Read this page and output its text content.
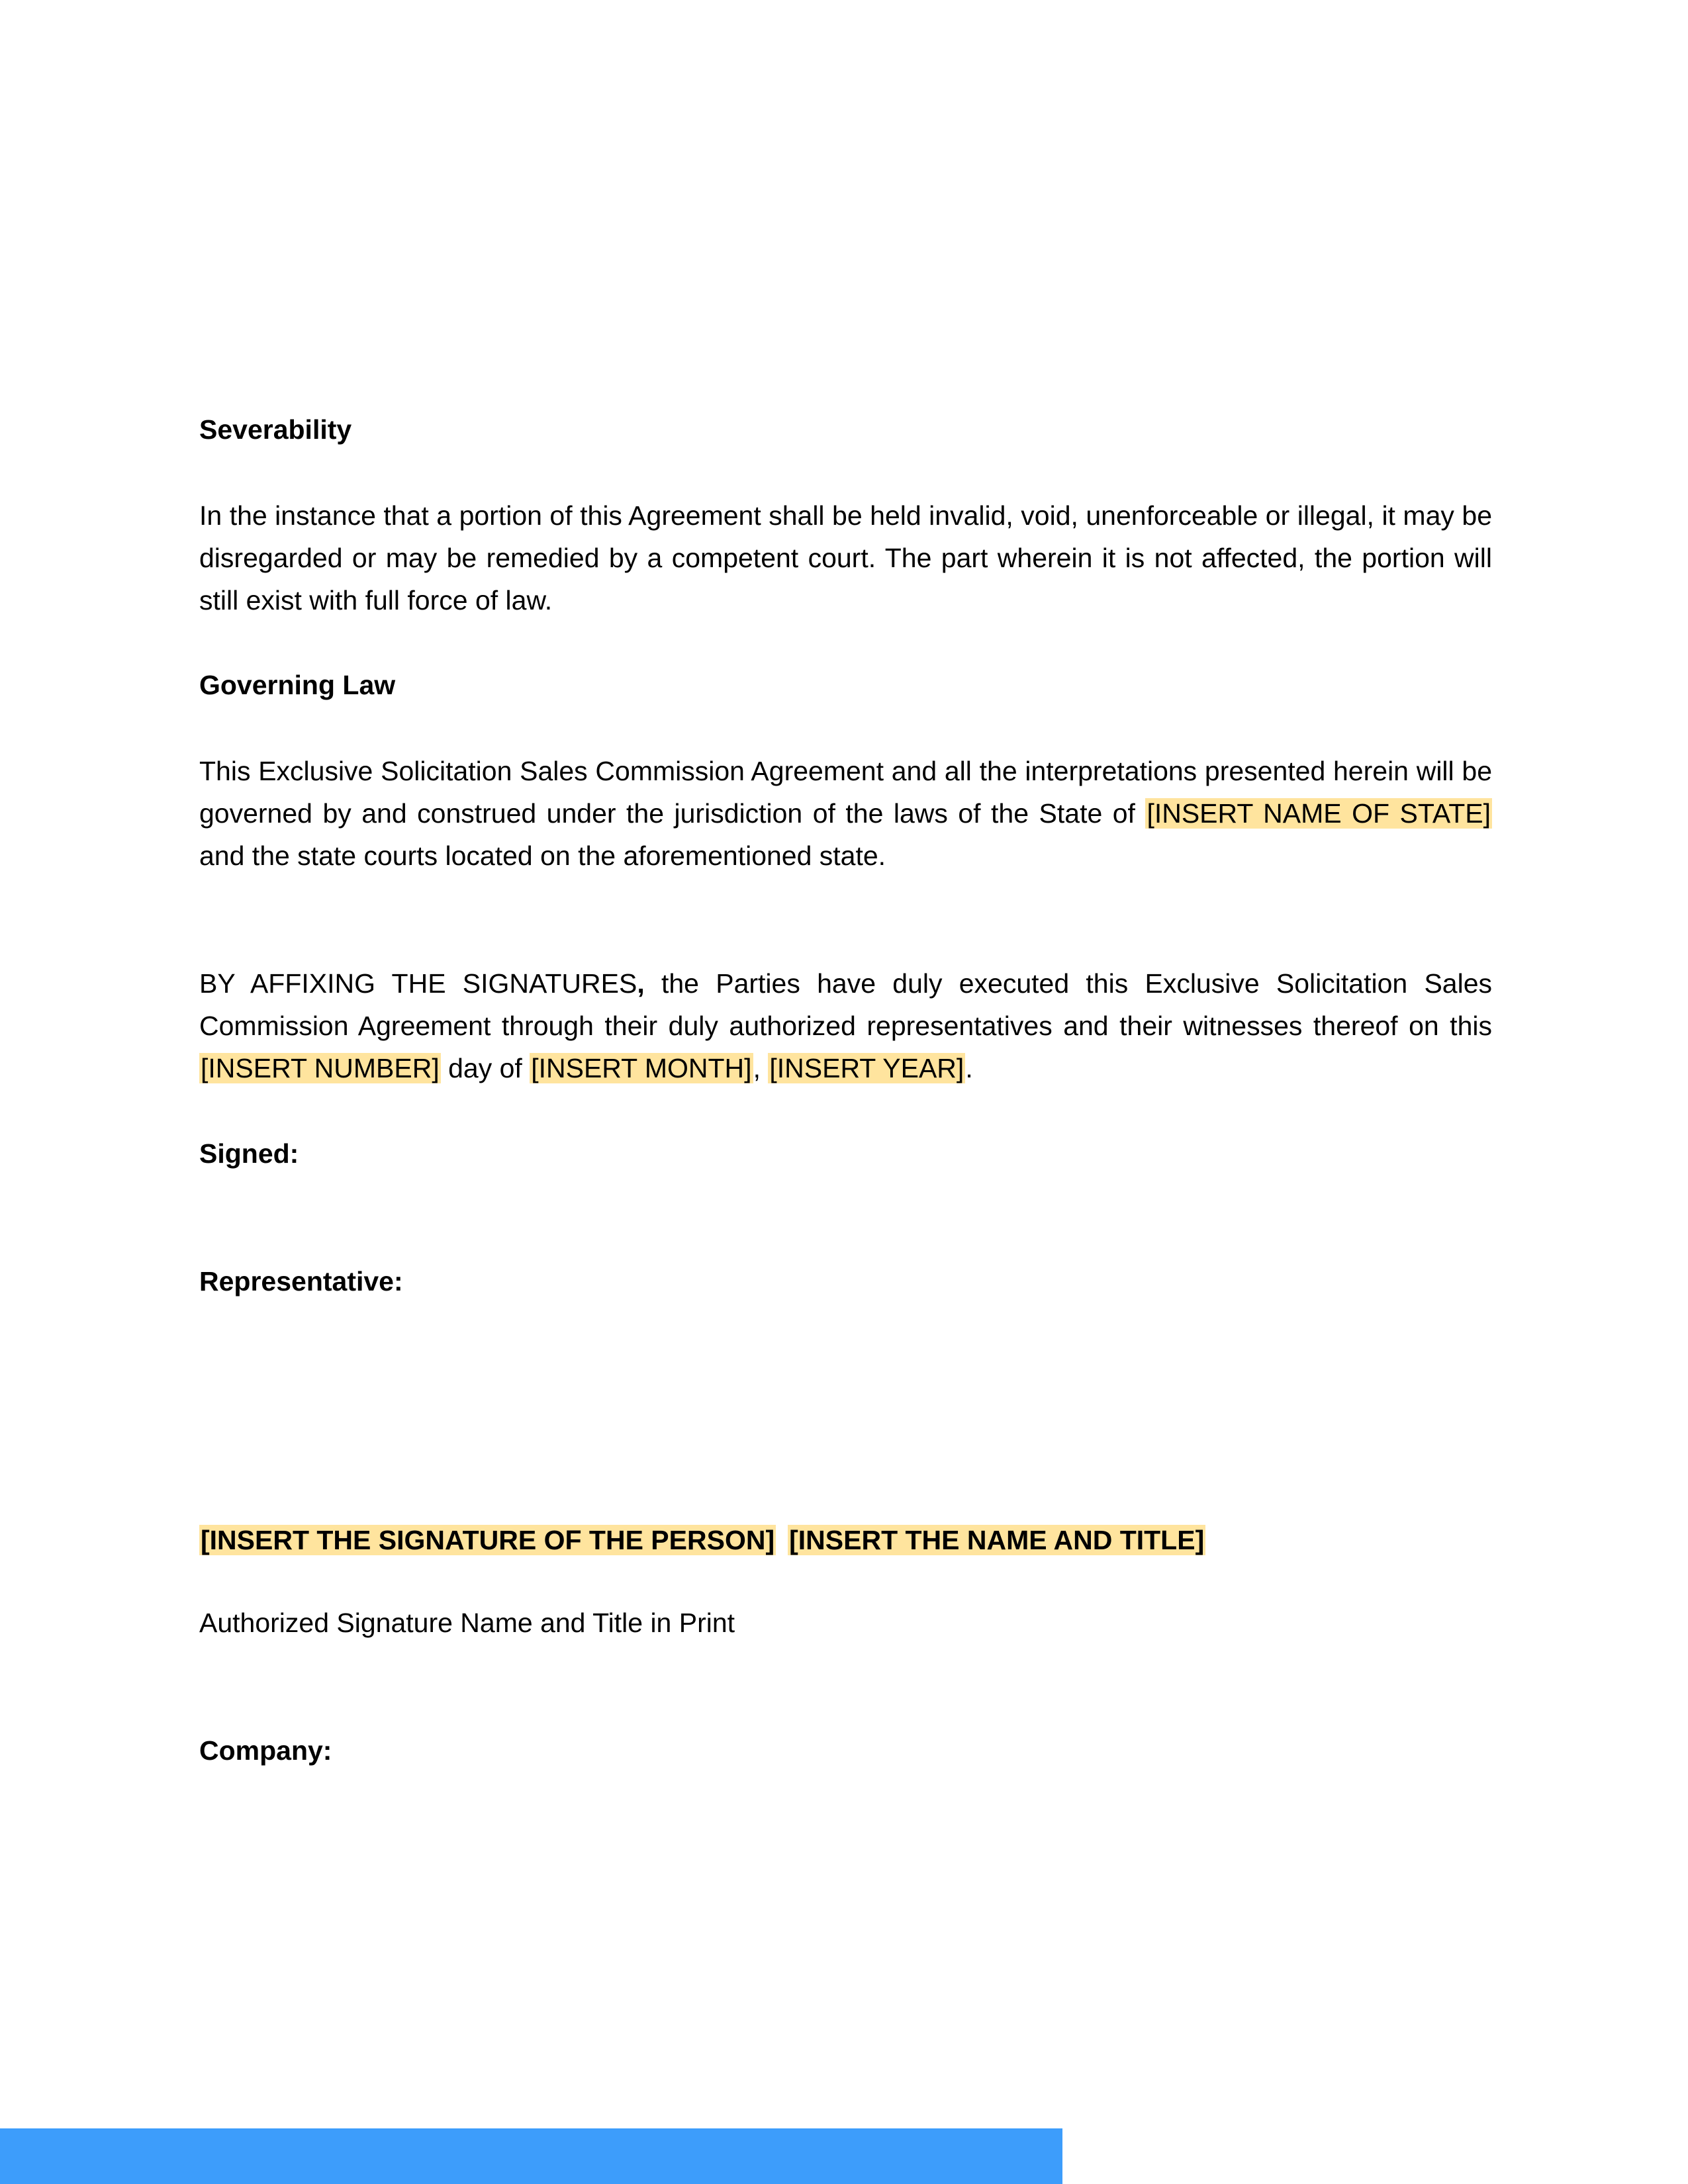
Severability

In the instance that a portion of this Agreement shall be held invalid, void, unenforceable or illegal, it may be disregarded or may be remedied by a competent court. The part wherein it is not affected, the portion will still exist with full force of law.

Governing Law

This Exclusive Solicitation Sales Commission Agreement and all the interpretations presented herein will be governed by and construed under the jurisdiction of the laws of the State of [INSERT NAME OF STATE] and the state courts located on the aforementioned state.

BY AFFIXING THE SIGNATURES, the Parties have duly executed this Exclusive Solicitation Sales Commission Agreement through their duly authorized representatives and their witnesses thereof on this [INSERT NUMBER] day of [INSERT MONTH], [INSERT YEAR].

Signed:

Representative:

[INSERT THE SIGNATURE OF THE PERSON] [INSERT THE NAME AND TITLE]

Authorized Signature Name and Title in Print

Company:
